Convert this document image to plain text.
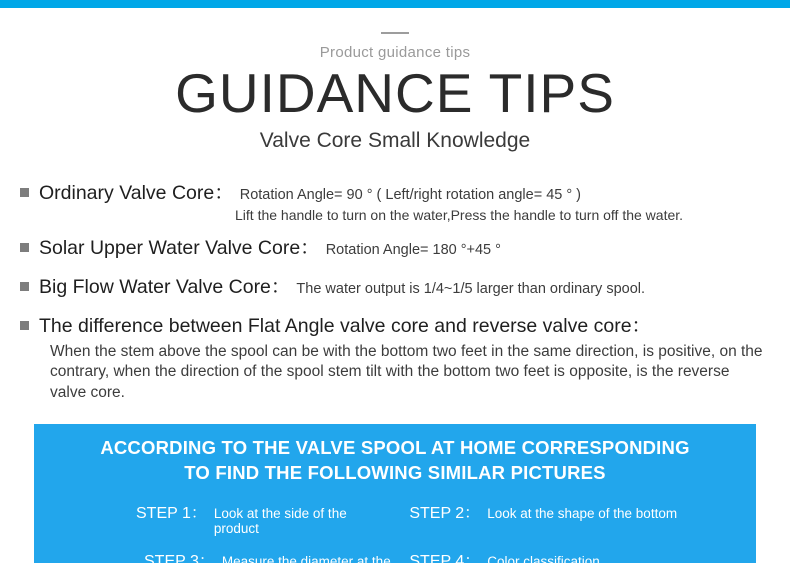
Product guidance tips
GUIDANCE TIPS
Valve Core Small Knowledge
Ordinary Valve Core： Rotation Angle= 90 ° ( Left/right rotation angle= 45 ° )
Lift the handle to turn on the water,Press the handle to turn off the water.
Solar Upper Water Valve Core： Rotation Angle= 180 °+45 °
Big Flow Water Valve Core： The water output is 1/4~1/5 larger than ordinary spool.
The difference between Flat Angle valve core and reverse valve core：
When the stem above the spool can be with the bottom two feet in the same direction, is positive, on the contrary, when the direction of the spool stem tilt with the bottom two feet is opposite, is the reverse valve core.
ACCORDING TO THE VALVE SPOOL AT HOME CORRESPONDING
TO FIND THE FOLLOWING SIMILAR PICTURES
STEP 1： Look at the side of the product
STEP 2： Look at the shape of the bottom
STEP 3： Measure the diameter at the bottom
STEP 4： Color classification
